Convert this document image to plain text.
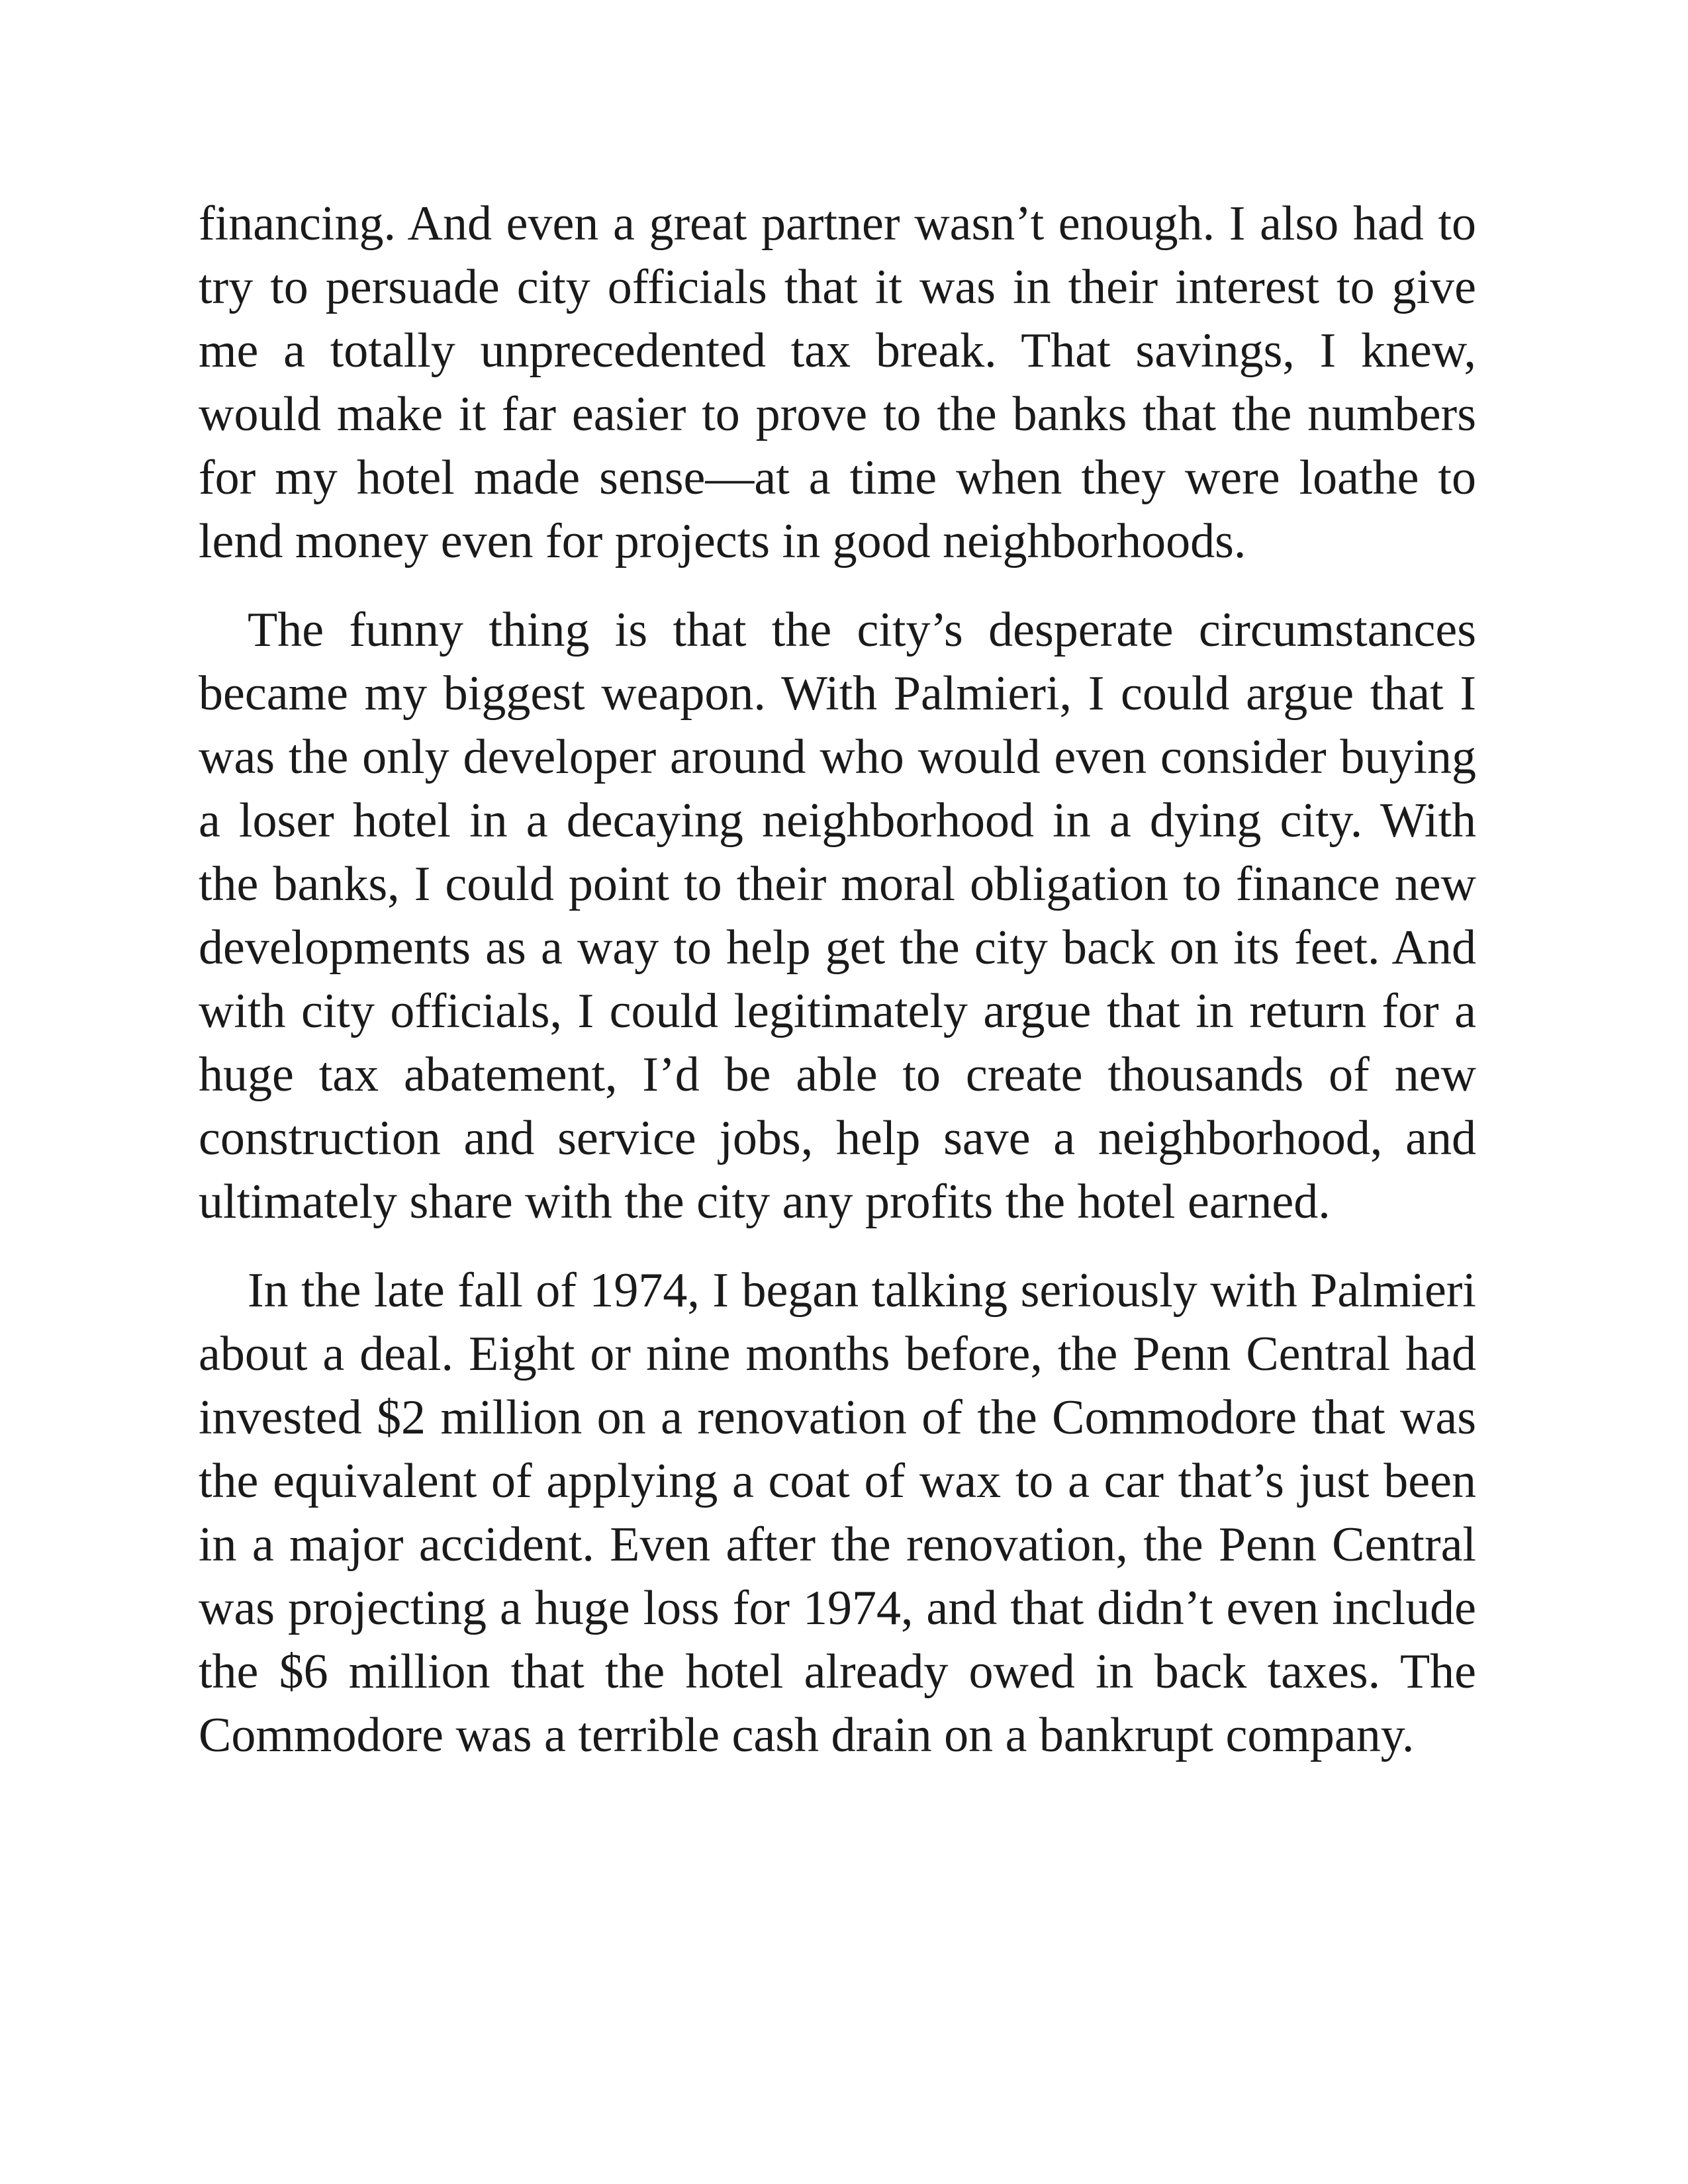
financing. And even a great partner wasn’t enough. I also had to try to persuade city officials that it was in their interest to give me a totally unprecedented tax break. That savings, I knew, would make it far easier to prove to the banks that the numbers for my hotel made sense—at a time when they were loathe to lend money even for projects in good neighborhoods.

The funny thing is that the city’s desperate circumstances became my biggest weapon. With Palmieri, I could argue that I was the only developer around who would even consider buying a loser hotel in a decaying neighborhood in a dying city. With the banks, I could point to their moral obligation to finance new developments as a way to help get the city back on its feet. And with city officials, I could legitimately argue that in return for a huge tax abatement, I’d be able to create thousands of new construction and service jobs, help save a neighborhood, and ultimately share with the city any profits the hotel earned.

In the late fall of 1974, I began talking seriously with Palmieri about a deal. Eight or nine months before, the Penn Central had invested $2 million on a renovation of the Commodore that was the equivalent of applying a coat of wax to a car that’s just been in a major accident. Even after the renovation, the Penn Central was projecting a huge loss for 1974, and that didn’t even include the $6 million that the hotel already owed in back taxes. The Commodore was a terrible cash drain on a bankrupt company.
